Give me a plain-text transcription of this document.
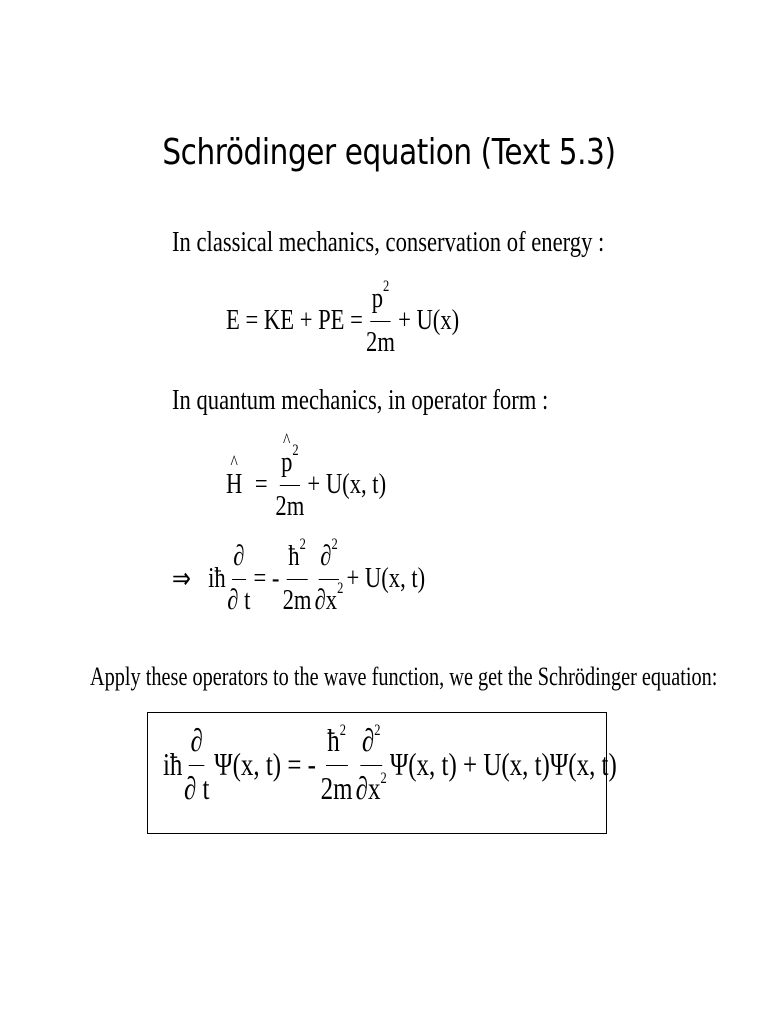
Schrödinger equation (Text 5.3)
In classical mechanics, conservation of energy :
E = KE + PE = $\frac{p^2}{2m} + U(x)$
In quantum mechanics, in operator form :
^ H =
^ $\frac{p^2}{2m} + U(x$, t)
⇒ iħ $\frac{\partial}{\partial t}$ = - $\frac{ħ^2}{2m} \frac{\partial^2}{\partial x^2} + U(x$, t)
Apply these operators to the wave function, we get the Schrödinger equation:
iħ $\frac{\partial}{\partial t} \Psi(x$, t) = - $\frac{ħ^2}{2m} \frac{\partial^2}{\partial x^2} \Psi(x$, t) + U(x, t)Ψ(x, t)
